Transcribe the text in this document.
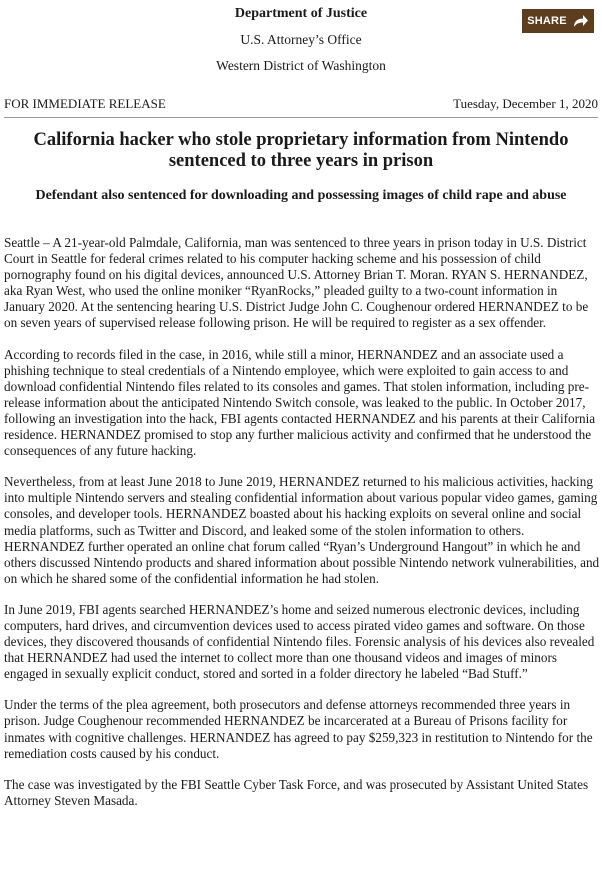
Department of Justice
U.S. Attorney’s Office
Western District of Washington
SHARE
FOR IMMEDIATE RELEASE	Tuesday, December 1, 2020
California hacker who stole proprietary information from Nintendo sentenced to three years in prison
Defendant also sentenced for downloading and possessing images of child rape and abuse

Seattle – A 21-year-old Palmdale, California, man was sentenced to three years in prison today in U.S. District Court in Seattle for federal crimes related to his computer hacking scheme and his possession of child pornography found on his digital devices, announced U.S. Attorney Brian T. Moran. RYAN S. HERNANDEZ, aka Ryan West, who used the online moniker “RyanRocks,” pleaded guilty to a two-count information in January 2020. At the sentencing hearing U.S. District Judge John C. Coughenour ordered HERNANDEZ to be on seven years of supervised release following prison. He will be required to register as a sex offender.

According to records filed in the case, in 2016, while still a minor, HERNANDEZ and an associate used a phishing technique to steal credentials of a Nintendo employee, which were exploited to gain access to and download confidential Nintendo files related to its consoles and games. That stolen information, including pre-release information about the anticipated Nintendo Switch console, was leaked to the public. In October 2017, following an investigation into the hack, FBI agents contacted HERNANDEZ and his parents at their California residence. HERNANDEZ promised to stop any further malicious activity and confirmed that he understood the consequences of any future hacking.

Nevertheless, from at least June 2018 to June 2019, HERNANDEZ returned to his malicious activities, hacking into multiple Nintendo servers and stealing confidential information about various popular video games, gaming consoles, and developer tools. HERNANDEZ boasted about his hacking exploits on several online and social media platforms, such as Twitter and Discord, and leaked some of the stolen information to others. HERNANDEZ further operated an online chat forum called “Ryan’s Underground Hangout” in which he and others discussed Nintendo products and shared information about possible Nintendo network vulnerabilities, and on which he shared some of the confidential information he had stolen.

In June 2019, FBI agents searched HERNANDEZ’s home and seized numerous electronic devices, including computers, hard drives, and circumvention devices used to access pirated video games and software. On those devices, they discovered thousands of confidential Nintendo files. Forensic analysis of his devices also revealed that HERNANDEZ had used the internet to collect more than one thousand videos and images of minors engaged in sexually explicit conduct, stored and sorted in a folder directory he labeled “Bad Stuff.”

Under the terms of the plea agreement, both prosecutors and defense attorneys recommended three years in prison. Judge Coughenour recommended HERNANDEZ be incarcerated at a Bureau of Prisons facility for inmates with cognitive challenges. HERNANDEZ has agreed to pay $259,323 in restitution to Nintendo for the remediation costs caused by his conduct.

The case was investigated by the FBI Seattle Cyber Task Force, and was prosecuted by Assistant United States Attorney Steven Masada.
